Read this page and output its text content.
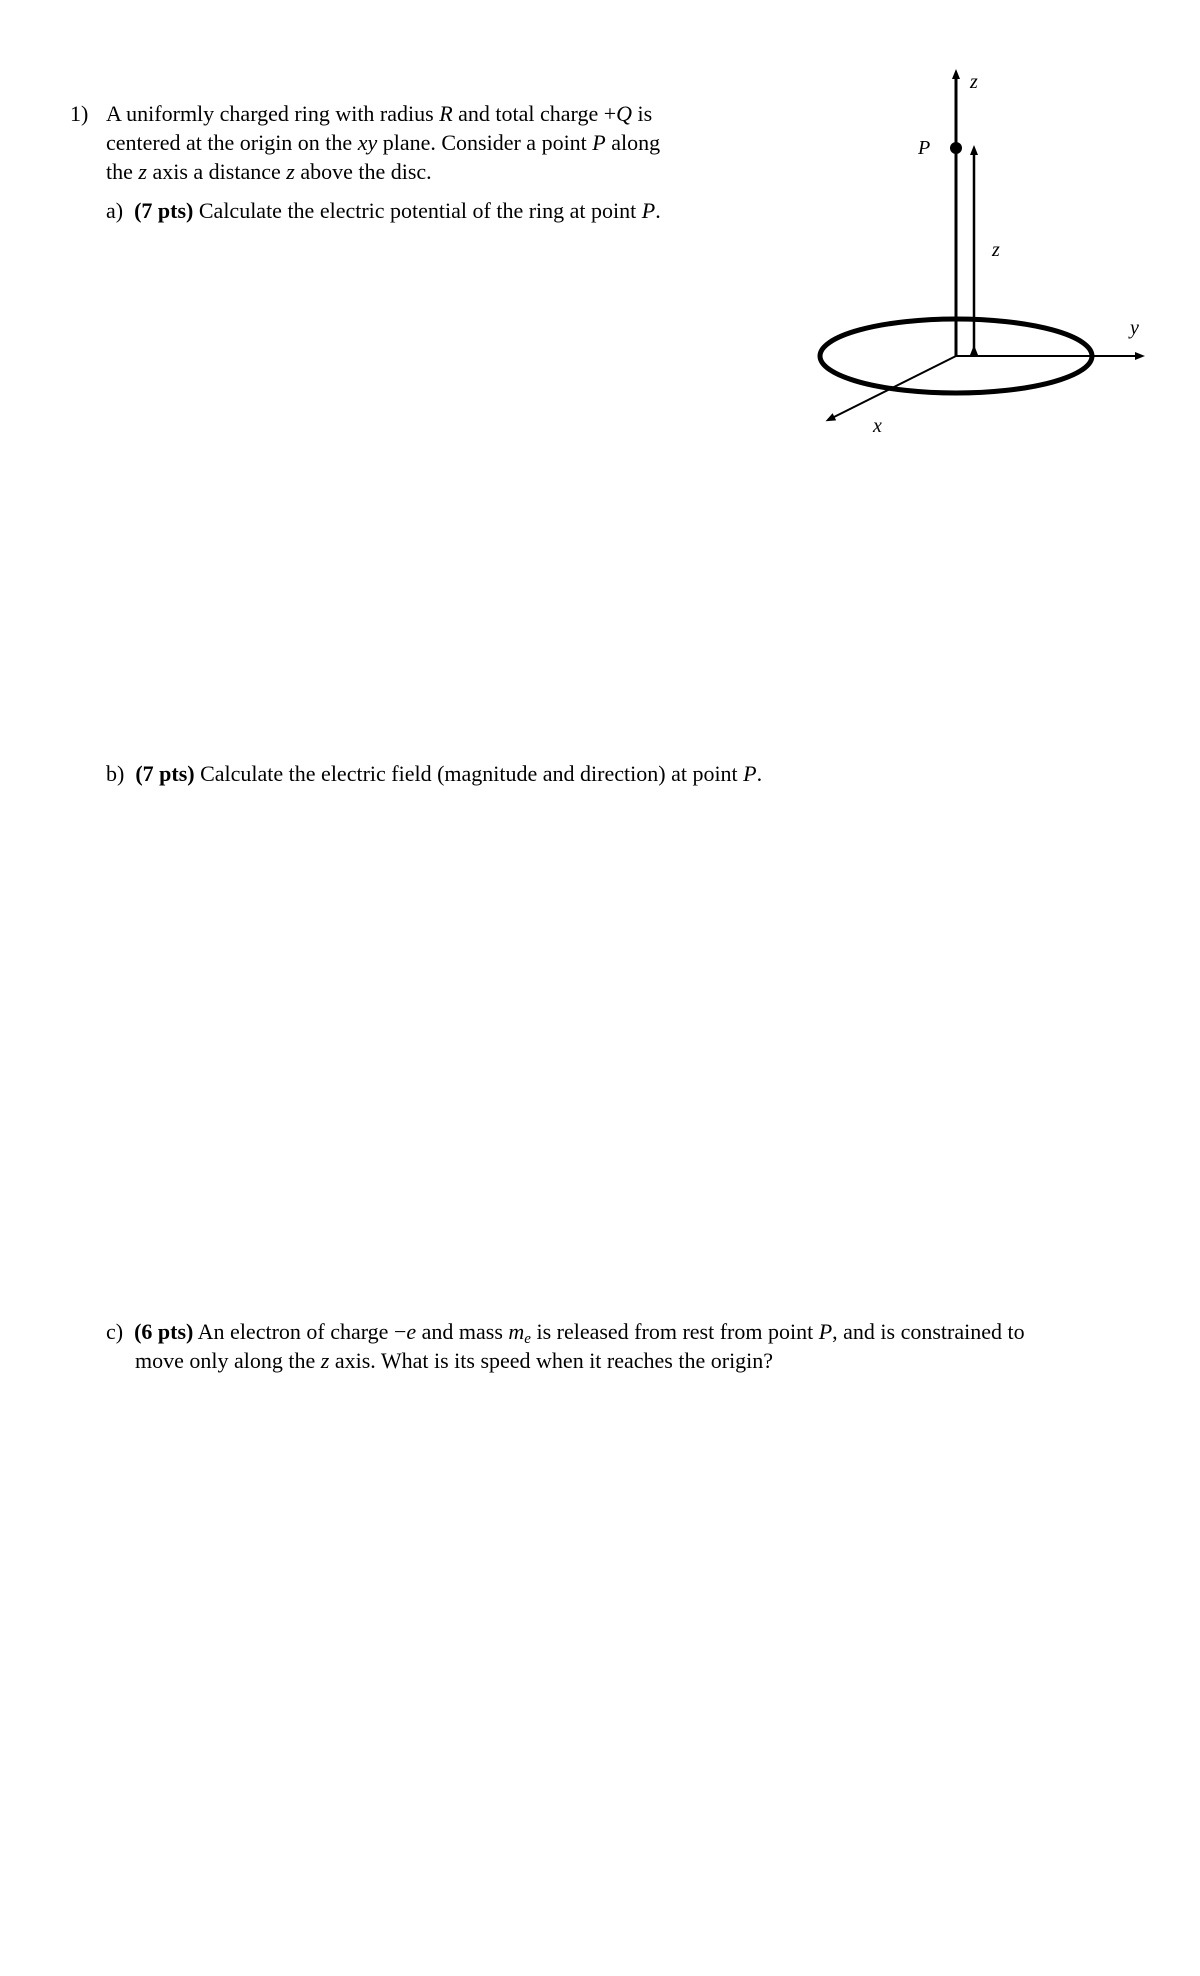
1) A uniformly charged ring with radius R and total charge +Q is
centered at the origin on the xy plane. Consider a point P along
the z axis a distance z above the disc.
a) (7 pts) Calculate the electric potential of the ring at point P.
b) (7 pts) Calculate the electric field (magnitude and direction) at point P.
c) (6 pts) An electron of charge −e and mass $m_e$ is released from rest from point P, and is constrained to
move only along the z axis. What is its speed when it reaches the origin?
z
P
z
y
x
